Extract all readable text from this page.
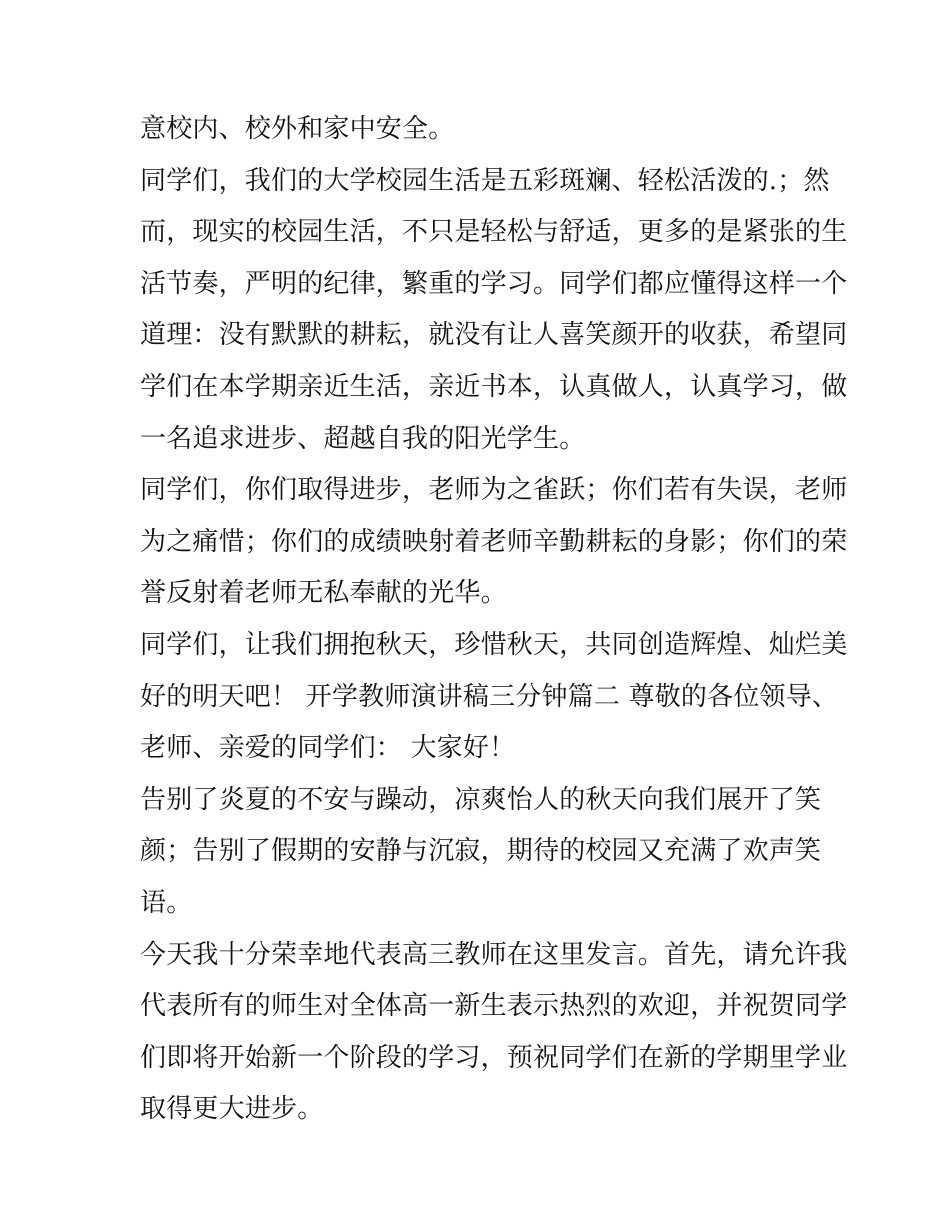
意校内、校外和家中安全。
同学们，我们的大学校园生活是五彩斑斓、轻松活泼的.；然
而，现实的校园生活，不只是轻松与舒适，更多的是紧张的生
活节奏，严明的纪律，繁重的学习。同学们都应懂得这样一个
道理：没有默默的耕耘，就没有让人喜笑颜开的收获，希望同
学们在本学期亲近生活，亲近书本，认真做人，认真学习，做
一名追求进步、超越自我的阳光学生。
同学们，你们取得进步，老师为之雀跃；你们若有失误，老师
为之痛惜；你们的成绩映射着老师辛勤耕耘的身影；你们的荣
誉反射着老师无私奉献的光华。
同学们，让我们拥抱秋天，珍惜秋天，共同创造辉煌、灿烂美
好的明天吧！ 开学教师演讲稿三分钟篇二 尊敬的各位领导、
老师、亲爱的同学们： 大家好！
告别了炎夏的不安与躁动，凉爽怡人的秋天向我们展开了笑
颜；告别了假期的安静与沉寂，期待的校园又充满了欢声笑
语。
今天我十分荣幸地代表高三教师在这里发言。首先，请允许我
代表所有的师生对全体高一新生表示热烈的欢迎，并祝贺同学
们即将开始新一个阶段的学习，预祝同学们在新的学期里学业
取得更大进步。
